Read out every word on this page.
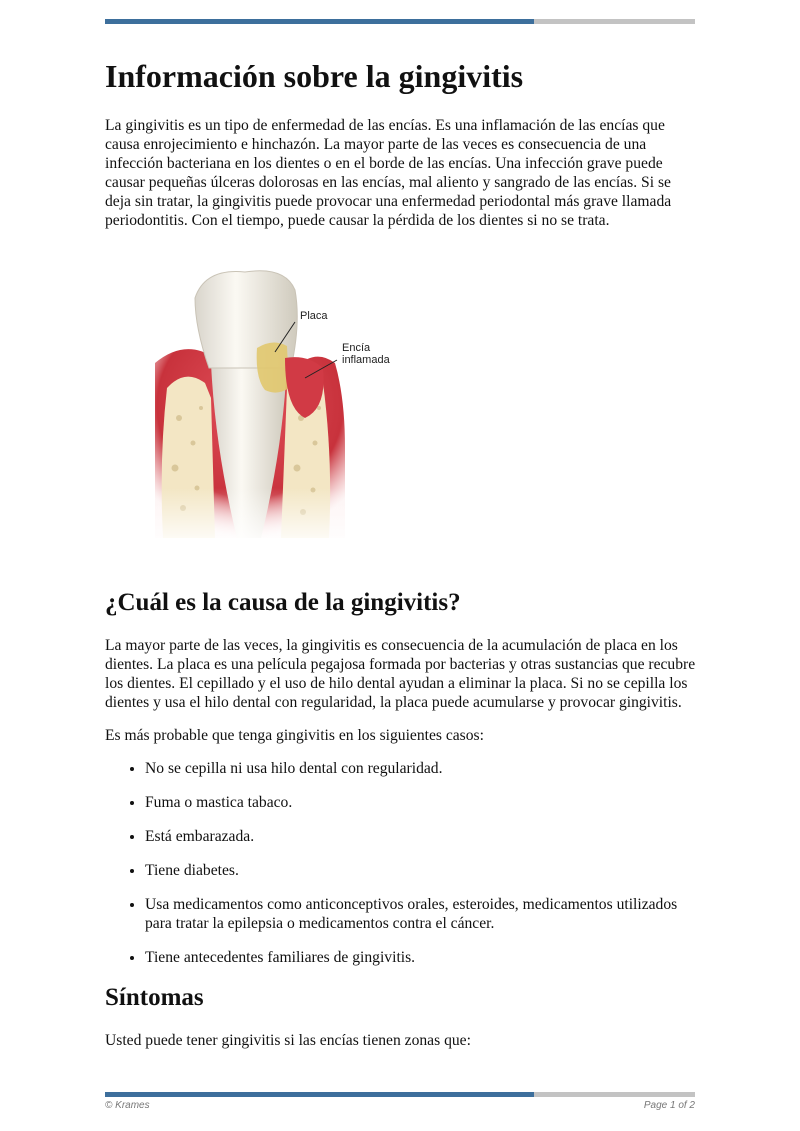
Información sobre la gingivitis

La gingivitis es un tipo de enfermedad de las encías. Es una inflamación de las encías que causa enrojecimiento e hinchazón. La mayor parte de las veces es consecuencia de una infección bacteriana en los dientes o en el borde de las encías. Una infección grave puede causar pequeñas úlceras dolorosas en las encías, mal aliento y sangrado de las encías. Si se deja sin tratar, la gingivitis puede provocar una enfermedad periodontal más grave llamada periodontitis. Con el tiempo, puede causar la pérdida de los dientes si no se trata.

Placa
Encía
inflamada
¿Cuál es la causa de la gingivitis?

La mayor parte de las veces, la gingivitis es consecuencia de la acumulación de placa en los dientes. La placa es una película pegajosa formada por bacterias y otras sustancias que recubre los dientes. El cepillado y el uso de hilo dental ayudan a eliminar la placa. Si no se cepilla los dientes y usa el hilo dental con regularidad, la placa puede acumularse y provocar gingivitis.

Es más probable que tenga gingivitis en los siguientes casos:

• No se cepilla ni usa hilo dental con regularidad.
• Fuma o mastica tabaco.
• Está embarazada.
• Tiene diabetes.
• Usa medicamentos como anticonceptivos orales, esteroides, medicamentos utilizados para tratar la epilepsia o medicamentos contra el cáncer.
• Tiene antecedentes familiares de gingivitis.
Síntomas

Usted puede tener gingivitis si las encías tienen zonas que:

© Krames	Page 1 of 2
